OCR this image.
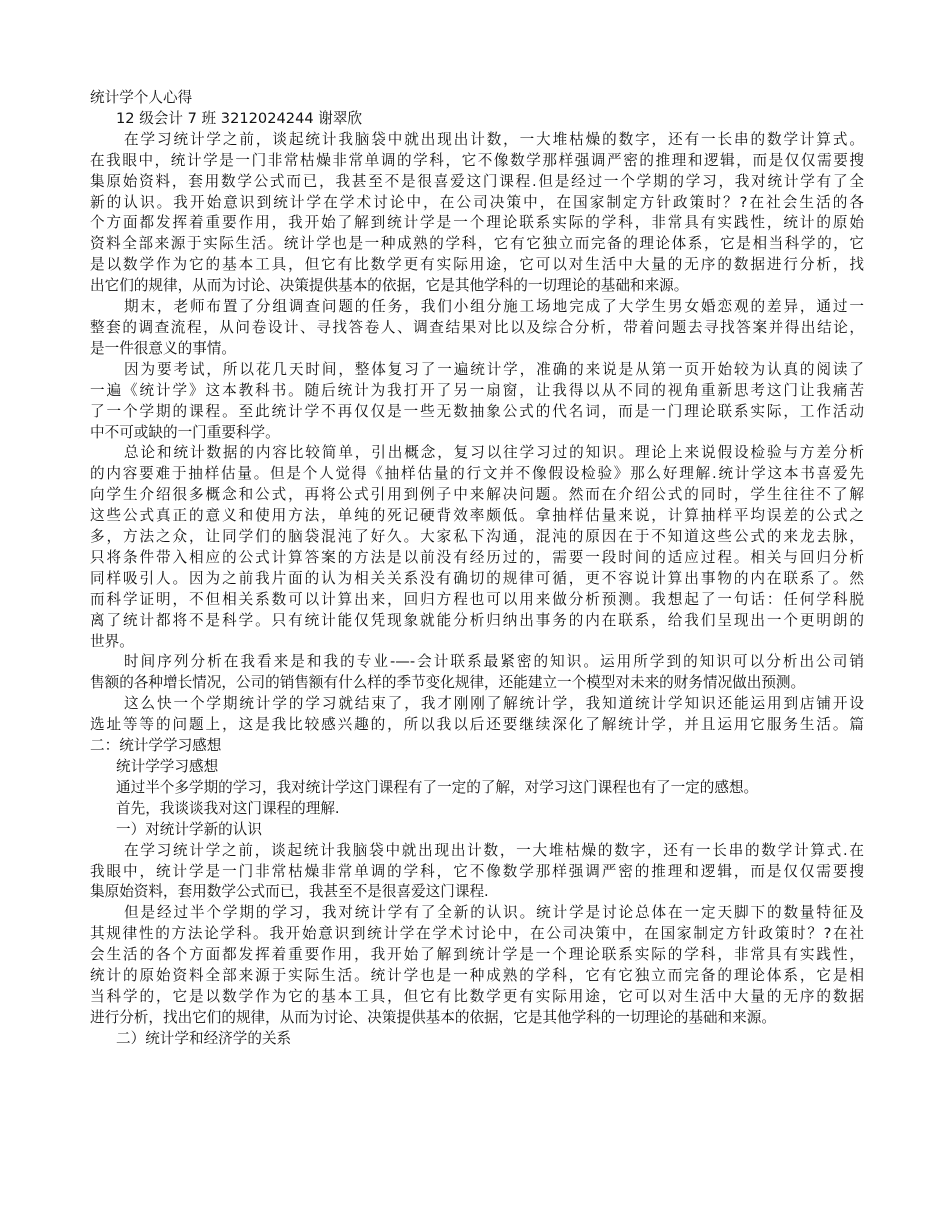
统计学个人心得
12 级会计 7 班 3212024244 谢翠欣
在学习统计学之前，谈起统计我脑袋中就出现出计数，一大堆枯燥的数字，还有一长串的数学计算式。
在我眼中，统计学是一门非常枯燥非常单调的学科，它不像数学那样强调严密的推理和逻辑，而是仅仅需要搜
集原始资料，套用数学公式而已，我甚至不是很喜爱这门课程.但是经过一个学期的学习，我对统计学有了全
新的认识。我开始意识到统计学在学术讨论中，在公司决策中，在国家制定方针政策时？?在社会生活的各
个方面都发挥着重要作用，我开始了解到统计学是一个理论联系实际的学科，非常具有实践性，统计的原始
资料全部来源于实际生活。统计学也是一种成熟的学科，它有它独立而完备的理论体系，它是相当科学的，它
是以数学作为它的基本工具，但它有比数学更有实际用途，它可以对生活中大量的无序的数据进行分析，找
出它们的规律，从而为讨论、决策提供基本的依据，它是其他学科的一切理论的基础和来源。
期末，老师布置了分组调查问题的任务，我们小组分施工场地完成了大学生男女婚恋观的差异，通过一
整套的调查流程，从问卷设计、寻找答卷人、调查结果对比以及综合分析，带着问题去寻找答案并得出结论，
是一件很意义的事情。
因为要考试，所以花几天时间，整体复习了一遍统计学，准确的来说是从第一页开始较为认真的阅读了
一遍《统计学》这本教科书。随后统计为我打开了另一扇窗，让我得以从不同的视角重新思考这门让我痛苦
了一个学期的课程。至此统计学不再仅仅是一些无数抽象公式的代名词，而是一门理论联系实际，工作活动
中不可或缺的一门重要科学。
总论和统计数据的内容比较简单，引出概念，复习以往学习过的知识。理论上来说假设检验与方差分析
的内容要难于抽样估量。但是个人觉得《抽样估量的行文并不像假设检验》那么好理解.统计学这本书喜爱先
向学生介绍很多概念和公式，再将公式引用到例子中来解决问题。然而在介绍公式的同时，学生往往不了解
这些公式真正的意义和使用方法，单纯的死记硬背效率颇低。拿抽样估量来说，计算抽样平均误差的公式之
多，方法之众，让同学们的脑袋混沌了好久。大家私下沟通，混沌的原因在于不知道这些公式的来龙去脉，
只将条件带入相应的公式计算答案的方法是以前没有经历过的，需要一段时间的适应过程。相关与回归分析
同样吸引人。因为之前我片面的认为相关关系没有确切的规律可循，更不容说计算出事物的内在联系了。然
而科学证明，不但相关系数可以计算出来，回归方程也可以用来做分析预测。我想起了一句话：任何学科脱
离了统计都将不是科学。只有统计能仅凭现象就能分析归纳出事务的内在联系，给我们呈现出一个更明朗的
世界。
时间序列分析在我看来是和我的专业-—-会计联系最紧密的知识。运用所学到的知识可以分析出公司销
售额的各种增长情况，公司的销售额有什么样的季节变化规律，还能建立一个模型对未来的财务情况做出预测。
这么快一个学期统计学的学习就结束了，我才刚刚了解统计学，我知道统计学知识还能运用到店铺开设
选址等等的问题上，这是我比较感兴趣的，所以我以后还要继续深化了解统计学，并且运用它服务生活。篇
二：统计学学习感想
统计学学习感想
通过半个多学期的学习，我对统计学这门课程有了一定的了解，对学习这门课程也有了一定的感想。
首先，我谈谈我对这门课程的理解.
一）对统计学新的认识
在学习统计学之前，谈起统计我脑袋中就出现出计数，一大堆枯燥的数字，还有一长串的数学计算式.在
我眼中，统计学是一门非常枯燥非常单调的学科，它不像数学那样强调严密的推理和逻辑，而是仅仅需要搜
集原始资料，套用数学公式而已，我甚至不是很喜爱这门课程.
但是经过半个学期的学习，我对统计学有了全新的认识。统计学是讨论总体在一定天脚下的数量特征及
其规律性的方法论学科。我开始意识到统计学在学术讨论中，在公司决策中，在国家制定方针政策时？?在社
会生活的各个方面都发挥着重要作用，我开始了解到统计学是一个理论联系实际的学科，非常具有实践性，
统计的原始资料全部来源于实际生活。统计学也是一种成熟的学科，它有它独立而完备的理论体系，它是相
当科学的，它是以数学作为它的基本工具，但它有比数学更有实际用途，它可以对生活中大量的无序的数据
进行分析，找出它们的规律，从而为讨论、决策提供基本的依据，它是其他学科的一切理论的基础和来源。
二）统计学和经济学的关系
